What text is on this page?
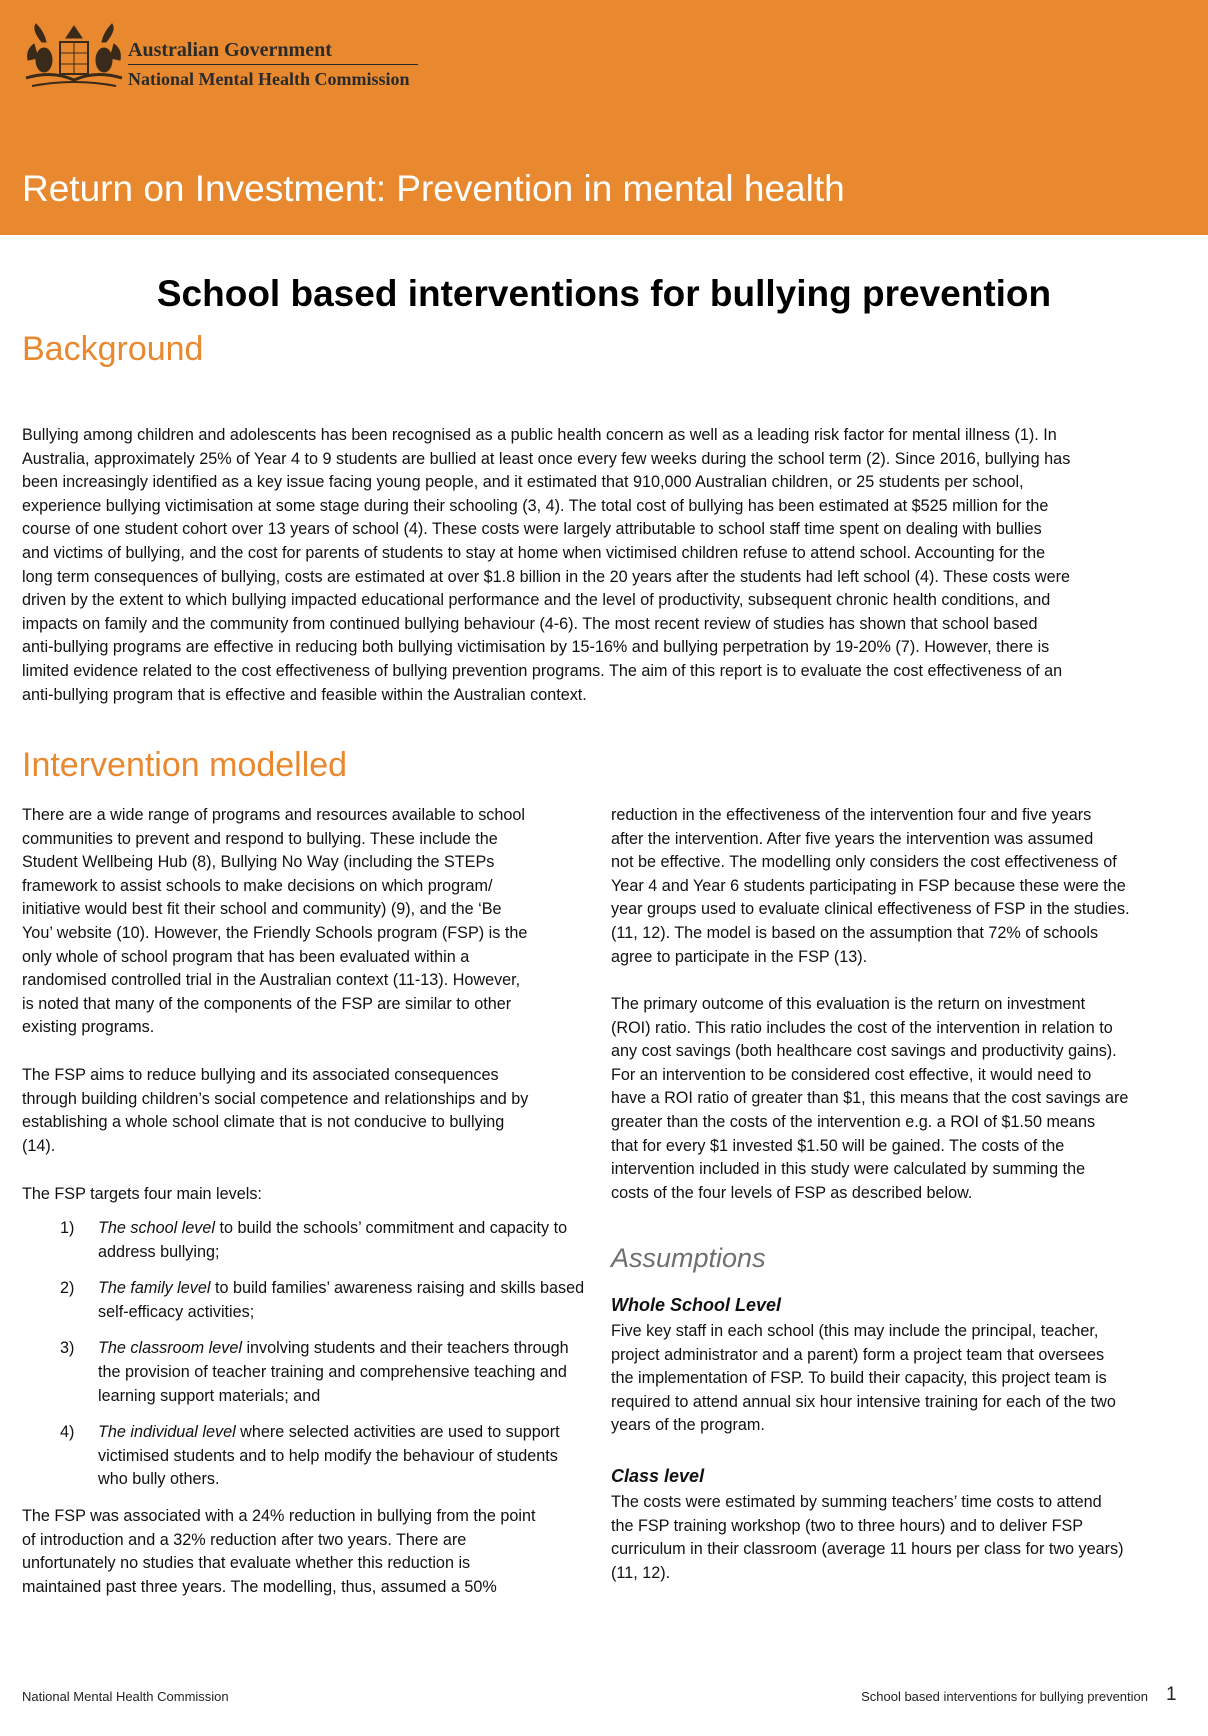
Australian Government
National Mental Health Commission
Return on Investment: Prevention in mental health
School based interventions for bullying prevention
Background
Bullying among children and adolescents has been recognised as a public health concern as well as a leading risk factor for mental illness (1). In
Australia, approximately 25% of Year 4 to 9 students are bullied at least once every few weeks during the school term (2). Since 2016, bullying has
been increasingly identified as a key issue facing young people, and it estimated that 910,000 Australian children, or 25 students per school,
experience bullying victimisation at some stage during their schooling (3, 4). The total cost of bullying has been estimated at $525 million for the
course of one student cohort over 13 years of school (4). These costs were largely attributable to school staff time spent on dealing with bullies
and victims of bullying, and the cost for parents of students to stay at home when victimised children refuse to attend school. Accounting for the
long term consequences of bullying, costs are estimated at over $1.8 billion in the 20 years after the students had left school (4). These costs were
driven by the extent to which bullying impacted educational performance and the level of productivity, subsequent chronic health conditions, and
impacts on family and the community from continued bullying behaviour (4-6). The most recent review of studies has shown that school based
anti-bullying programs are effective in reducing both bullying victimisation by 15-16% and bullying perpetration by 19-20% (7). However, there is
limited evidence related to the cost effectiveness of bullying prevention programs. The aim of this report is to evaluate the cost effectiveness of an
anti-bullying program that is effective and feasible within the Australian context.
Intervention modelled
There are a wide range of programs and resources available to school
communities to prevent and respond to bullying. These include the
Student Wellbeing Hub (8), Bullying No Way (including the STEPs
framework to assist schools to make decisions on which program/
initiative would best fit their school and community) (9), and the ‘Be
You’ website (10). However, the Friendly Schools program (FSP) is the
only whole of school program that has been evaluated within a
randomised controlled trial in the Australian context (11-13). However,
is noted that many of the components of the FSP are similar to other
existing programs.
The FSP aims to reduce bullying and its associated consequences
through building children’s social competence and relationships and by
establishing a whole school climate that is not conducive to bullying
(14).
The FSP targets four main levels:
1) The school level to build the schools’ commitment and capacity to address bullying;
2) The family level to build families’ awareness raising and skills based self-efficacy activities;
3) The classroom level involving students and their teachers through the provision of teacher training and comprehensive teaching and learning support materials; and
4) The individual level where selected activities are used to support victimised students and to help modify the behaviour of students who bully others.
The FSP was associated with a 24% reduction in bullying from the point
of introduction and a 32% reduction after two years. There are
unfortunately no studies that evaluate whether this reduction is
maintained past three years. The modelling, thus, assumed a 50%
reduction in the effectiveness of the intervention four and five years
after the intervention. After five years the intervention was assumed
not be effective. The modelling only considers the cost effectiveness of
Year 4 and Year 6 students participating in FSP because these were the
year groups used to evaluate clinical effectiveness of FSP in the studies.
(11, 12). The model is based on the assumption that 72% of schools
agree to participate in the FSP (13).
The primary outcome of this evaluation is the return on investment
(ROI) ratio. This ratio includes the cost of the intervention in relation to
any cost savings (both healthcare cost savings and productivity gains).
For an intervention to be considered cost effective, it would need to
have a ROI ratio of greater than $1, this means that the cost savings are
greater than the costs of the intervention e.g. a ROI of $1.50 means
that for every $1 invested $1.50 will be gained. The costs of the
intervention included in this study were calculated by summing the
costs of the four levels of FSP as described below.
Assumptions
Whole School Level
Five key staff in each school (this may include the principal, teacher,
project administrator and a parent) form a project team that oversees
the implementation of FSP. To build their capacity, this project team is
required to attend annual six hour intensive training for each of the two
years of the program.
Class level
The costs were estimated by summing teachers’ time costs to attend
the FSP training workshop (two to three hours) and to deliver FSP
curriculum in their classroom (average 11 hours per class for two years)
(11, 12).
National Mental Health Commission	School based interventions for bullying prevention 1
